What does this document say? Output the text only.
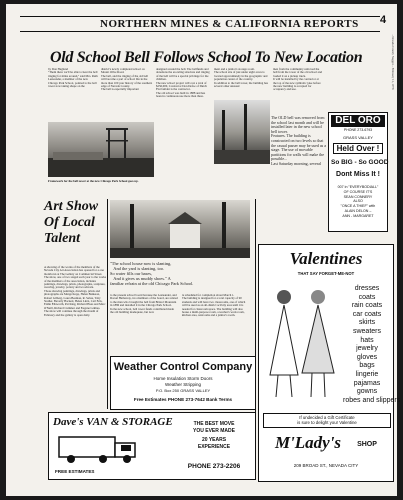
NORTHERN MINES & CALIFORNIA REPORTS 4
...Nevada County Nugget – February 11, 1978
Old School Bell Follows School To New Location
by Don Haglund
"Them there we'll be able to hear the bell ringing for miles around," said Mrs. Ruth Lesteander, a member of the new Chicago Park School, pointed to the bell tower now taking shape on the
district's newly completed school on Mount Olive Road.
The bell, and the ringing of the old bell will become a part of school life in the more than 100 year history of the southern edge of Nevada County.
The bell is especially important
designed around the bell. The bellfunds and donations the ex-ruling structure and ringing of the bell will be a special privilege for the children.
The new school project will cost a total of $256,000, Contractor Don Defoe of Dutch Flat builder is the contractor.
The old school was built in 1888 and has been in continuous use more than three.
ment and a janitor's storage room.
The school site of just under eight acres is located approximately in the geographic and population center of the country.
In addition to the bell tower, the building has several other unusual
men from the community removed the bell from the tower of the old school and loaded it on a pickup truck.
It will be installed by the contractor at the top of the new symbolic joke before the new building is accepted for occupancy and use.
Framework for the bell tower at the new Chicago Park School goes up.
The OLD bell was removed from the school last month and will be installed later in the new school bell tower.
Features. The building is constructed on two levels so that the casual passer may be used as a stage. The use of movable partitions for walls will make the possible...
Last Saturday morning, several
DEL ORO
PHONE 273-6793
GRASS VALLEY
Held Over !
So BIG - So GOOD
Dont Miss It !
007 in "EVERYBODIALL"
OF COURSE IT'S
SEAN CONNERY
ALSO
"ONCE A THIEF" with
ALAIN DELON –
ANN - MARGARET
Art Show Of Local Talent
A showing of the works of the members of the Nevada City Art Association has opened for a one month run at The Gallery on Commercial Street.
The show, one of two staged each year to the works of the members of the association, includes paintings, drawings, prints, photographs, sculpture, weaving, jewelry, pottery and woodwork.
Those showing paintings, drawings, prints and photographs are Marge Kopp, Helen Bankson, Robert Gilberg, Laura Beeman, R. Sebas, Toby Stadler, Beverly Hackett, Helen Lintz, Carl Fels, Eddie Ellsworth, Pat King, Richard Haas and Marc O'Neill, Richard Cummer and Eugene Grimes.
The show will continue through the month of February and the gallery is open daily.
"The school house now is slanting,
And the yard is slanting, too.
So water fills our bases,
And it gives us muddy shoes." A
familiar refrain at the old Chicago Park School.
to the present school board because the Lesteander, and Dorsal Hathaway, two members of the board, are related to the man who brought the bell from Bristol Mountain in 1886 and installed it in the Chicago Park School.
In the new school, bell tower funds contributed made the old building inadequate, but now
is scheduled for completion about March 1.
The building is designed for a total capacity of 90 students and will have two classrooms, one of which will be used as an all-district activity area until it is needed for classroom space. The building will also house a multi-purpose room, a teacher's work room, kitchen area, restrooms and a janitor's room.
Weather Control Company
Home Insulation Storm Doors
Weather Stripping
P.O. Box 250 GRASS VALLEY
Free Estimates PHONE 273-7642 Bank Terms
Dave's VAN & STORAGE	THE BEST MOVE
YOU EVER MADE
20 YEARS
EXPERIENCE
FREE ESTIMATES
PHONE 273-2206
Valentines
THAT SAY FORGET-ME-NOT
dresses
coats
rain coats
car coats
skirts
sweaters
hats
jewelry
gloves
bags
lingerie
pajamas
gowns
robes and slippers
If undecided a Gift Certificate
is sure to delight your Valentine
M'Lady's	SHOP
209 BROAD ST., NEVADA CITY
